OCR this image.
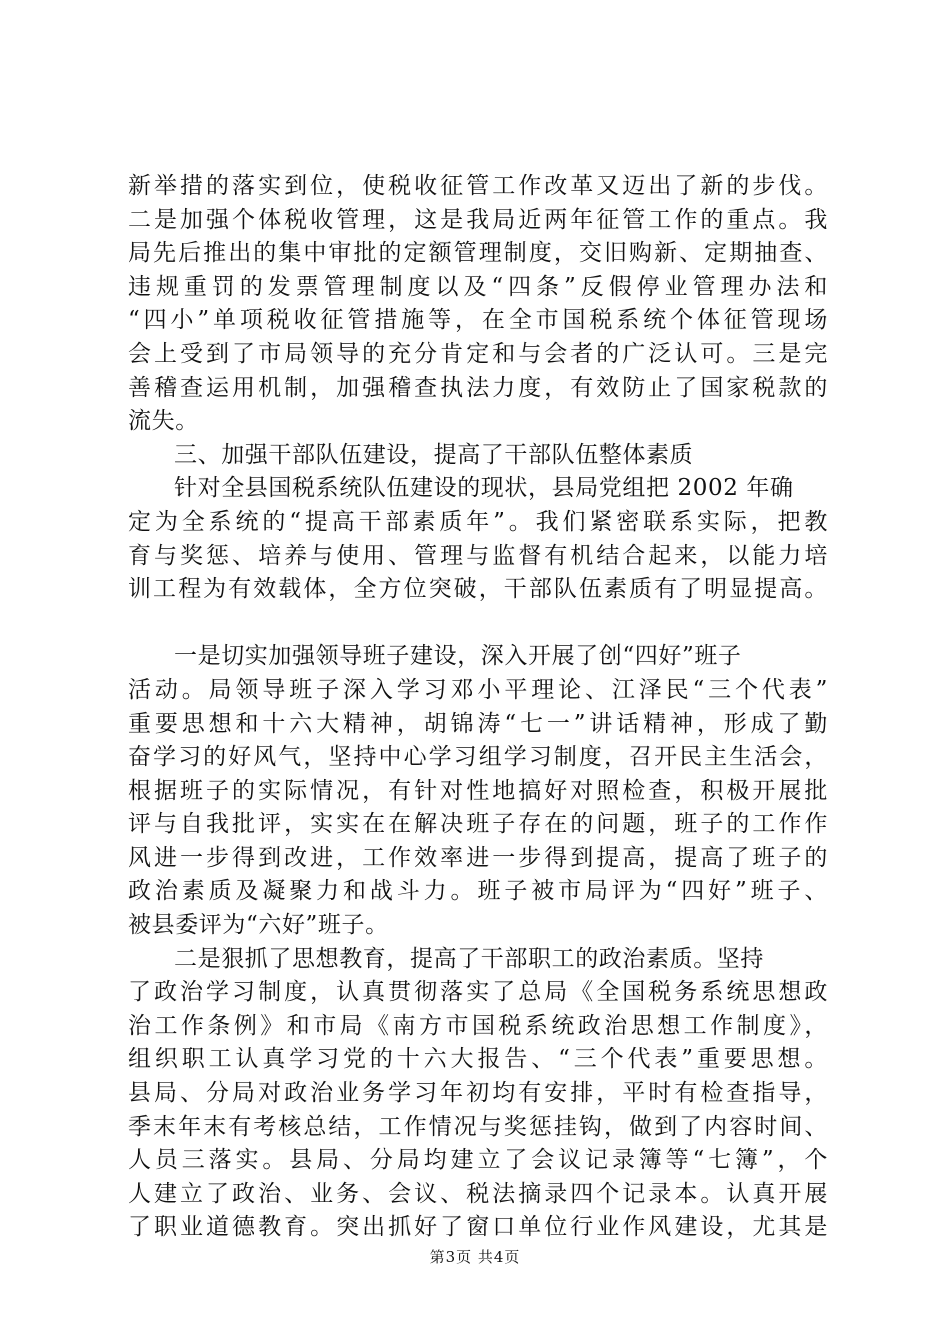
新举措的落实到位，使税收征管工作改革又迈出了新的步伐。
二是加强个体税收管理，这是我局近两年征管工作的重点。我
局先后推出的集中审批的定额管理制度，交旧购新、定期抽查、
违规重罚的发票管理制度以及“四条”反假停业管理办法和
“四小”单项税收征管措施等，在全市国税系统个体征管现场
会上受到了市局领导的充分肯定和与会者的广泛认可。三是完
善稽查运用机制，加强稽查执法力度，有效防止了国家税款的
流失。
三、加强干部队伍建设，提高了干部队伍整体素质
针对全县国税系统队伍建设的现状，县局党组把 2002 年确
定为全系统的“提高干部素质年”。我们紧密联系实际，把教
育与奖惩、培养与使用、管理与监督有机结合起来，以能力培
训工程为有效载体，全方位突破，干部队伍素质有了明显提高。
一是切实加强领导班子建设，深入开展了创“四好”班子
活动。局领导班子深入学习邓小平理论、江泽民“三个代表”
重要思想和十六大精神，胡锦涛“七一”讲话精神，形成了勤
奋学习的好风气，坚持中心学习组学习制度，召开民主生活会，
根据班子的实际情况，有针对性地搞好对照检查，积极开展批
评与自我批评，实实在在解决班子存在的问题，班子的工作作
风进一步得到改进，工作效率进一步得到提高，提高了班子的
政治素质及凝聚力和战斗力。班子被市局评为“四好”班子、
被县委评为“六好”班子。
二是狠抓了思想教育，提高了干部职工的政治素质。坚持
了政治学习制度，认真贯彻落实了总局《全国税务系统思想政
治工作条例》和市局《南方市国税系统政治思想工作制度》，
组织职工认真学习党的十六大报告、“三个代表”重要思想。
县局、分局对政治业务学习年初均有安排，平时有检查指导，
季末年末有考核总结，工作情况与奖惩挂钩，做到了内容时间、
人员三落实。县局、分局均建立了会议记录簿等“七簿”，个
人建立了政治、业务、会议、税法摘录四个记录本。认真开展
了职业道德教育。突出抓好了窗口单位行业作风建设，尤其是
第3页 共4页
